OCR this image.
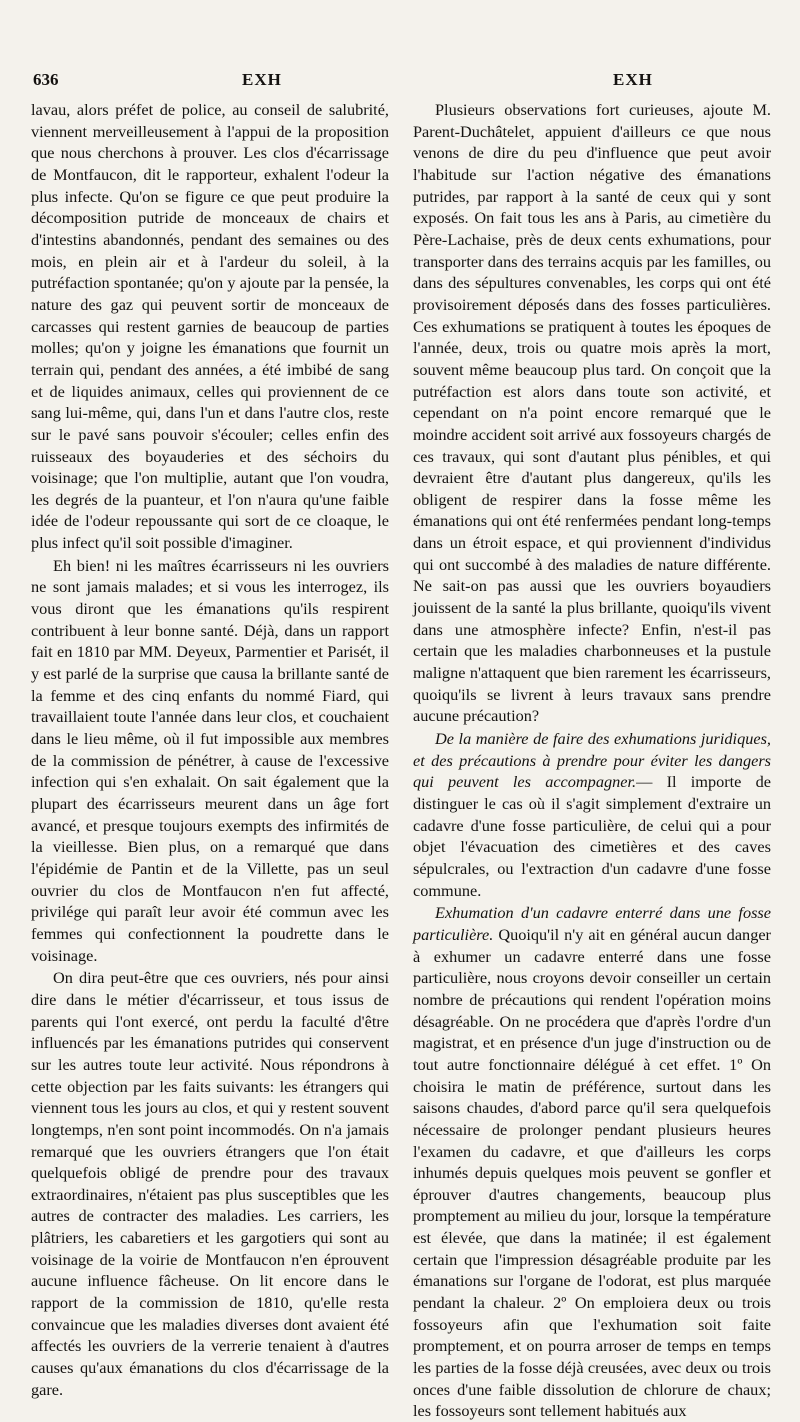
636	EXH	EXH

lavau, alors préfet de police, au conseil de salubrité, viennent merveilleusement à l'appui de la proposition que nous cherchons à prouver. Les clos d'écarrissage de Montfaucon, dit le rapporteur, exhalent l'odeur la plus infecte. Qu'on se figure ce que peut produire la décomposition putride de monceaux de chairs et d'intestins abandonnés, pendant des semaines ou des mois, en plein air et à l'ardeur du soleil, à la putréfaction spontanée; qu'on y ajoute par la pensée, la nature des gaz qui peuvent sortir de monceaux de carcasses qui restent garnies de beaucoup de parties molles; qu'on y joigne les émanations que fournit un terrain qui, pendant des années, a été imbibé de sang et de liquides animaux, celles qui proviennent de ce sang lui-même, qui, dans l'un et dans l'autre clos, reste sur le pavé sans pouvoir s'écouler; celles enfin des ruisseaux des boyauderies et des séchoirs du voisinage; que l'on multiplie, autant que l'on voudra, les degrés de la puanteur, et l'on n'aura qu'une faible idée de l'odeur repoussante qui sort de ce cloaque, le plus infect qu'il soit possible d'imaginer.

Eh bien! ni les maîtres écarrisseurs ni les ouvriers ne sont jamais malades; et si vous les interrogez, ils vous diront que les émanations qu'ils respirent contribuent à leur bonne santé. Déjà, dans un rapport fait en 1810 par MM. Deyeux, Parmentier et Parisét, il y est parlé de la surprise que causa la brillante santé de la femme et des cinq enfants du nommé Fiard, qui travaillaient toute l'année dans leur clos, et couchaient dans le lieu même, où il fut impossible aux membres de la commission de pénétrer, à cause de l'excessive infection qui s'en exhalait. On sait également que la plupart des écarrisseurs meurent dans un âge fort avancé, et presque toujours exempts des infirmités de la vieillesse. Bien plus, on a remarqué que dans l'épidémie de Pantin et de la Villette, pas un seul ouvrier du clos de Montfaucon n'en fut affecté, privilége qui paraît leur avoir été commun avec les femmes qui confectionnent la poudrette dans le voisinage.

On dira peut-être que ces ouvriers, nés pour ainsi dire dans le métier d'écarrisseur, et tous issus de parents qui l'ont exercé, ont perdu la faculté d'être influencés par les émanations putrides qui conservent sur les autres toute leur activité. Nous répondrons à cette objection par les faits suivants: les étrangers qui viennent tous les jours au clos, et qui y restent souvent longtemps, n'en sont point incommodés. On n'a jamais remarqué que les ouvriers étrangers que l'on était quelquefois obligé de prendre pour des travaux extraordinaires, n'étaient pas plus susceptibles que les autres de contracter des maladies. Les carriers, les plâtriers, les cabaretiers et les gargotiers qui sont au voisinage de la voirie de Montfaucon n'en éprouvent aucune influence fâcheuse. On lit encore dans le rapport de la commission de 1810, qu'elle resta convaincue que les maladies diverses dont avaient été affectés les ouvriers de la verrerie tenaient à d'autres causes qu'aux émanations du clos d'écarrissage de la gare.

Plusieurs observations fort curieuses, ajoute M. Parent-Duchâtelet, appuient d'ailleurs ce que nous venons de dire du peu d'influence que peut avoir l'habitude sur l'action négative des émanations putrides, par rapport à la santé de ceux qui y sont exposés. On fait tous les ans à Paris, au cimetière du Père-Lachaise, près de deux cents exhumations, pour transporter dans des terrains acquis par les familles, ou dans des sépultures convenables, les corps qui ont été provisoirement déposés dans des fosses particulières. Ces exhumations se pratiquent à toutes les époques de l'année, deux, trois ou quatre mois après la mort, souvent même beaucoup plus tard. On conçoit que la putréfaction est alors dans toute son activité, et cependant on n'a point encore remarqué que le moindre accident soit arrivé aux fossoyeurs chargés de ces travaux, qui sont d'autant plus pénibles, et qui devraient être d'autant plus dangereux, qu'ils les obligent de respirer dans la fosse même les émanations qui ont été renfermées pendant long-temps dans un étroit espace, et qui proviennent d'individus qui ont succombé à des maladies de nature différente. Ne sait-on pas aussi que les ouvriers boyaudiers jouissent de la santé la plus brillante, quoiqu'ils vivent dans une atmosphère infecte? Enfin, n'est-il pas certain que les maladies charbonneuses et la pustule maligne n'attaquent que bien rarement les écarrisseurs, quoiqu'ils se livrent à leurs travaux sans prendre aucune précaution?

De la manière de faire des exhumations juridiques, et des précautions à prendre pour éviter les dangers qui peuvent les accompagner.— Il importe de distinguer le cas où il s'agit simplement d'extraire un cadavre d'une fosse particulière, de celui qui a pour objet l'évacuation des cimetières et des caves sépulcrales, ou l'extraction d'un cadavre d'une fosse commune.

Exhumation d'un cadavre enterré dans une fosse particulière. Quoiqu'il n'y ait en général aucun danger à exhumer un cadavre enterré dans une fosse particulière, nous croyons devoir conseiller un certain nombre de précautions qui rendent l'opération moins désagréable. On ne procédera que d'après l'ordre d'un magistrat, et en présence d'un juge d'instruction ou de tout autre fonctionnaire délégué à cet effet. 1º On choisira le matin de préférence, surtout dans les saisons chaudes, d'abord parce qu'il sera quelquefois nécessaire de prolonger pendant plusieurs heures l'examen du cadavre, et que d'ailleurs les corps inhumés depuis quelques mois peuvent se gonfler et éprouver d'autres changements, beaucoup plus promptement au milieu du jour, lorsque la température est élevée, que dans la matinée; il est également certain que l'impression désagréable produite par les émanations sur l'organe de l'odorat, est plus marquée pendant la chaleur. 2º On emploiera deux ou trois fossoyeurs afin que l'exhumation soit faite promptement, et on pourra arroser de temps en temps les parties de la fosse déjà creusées, avec deux ou trois onces d'une faible dissolution de chlorure de chaux; les fossoyeurs sont tellement habitués aux
